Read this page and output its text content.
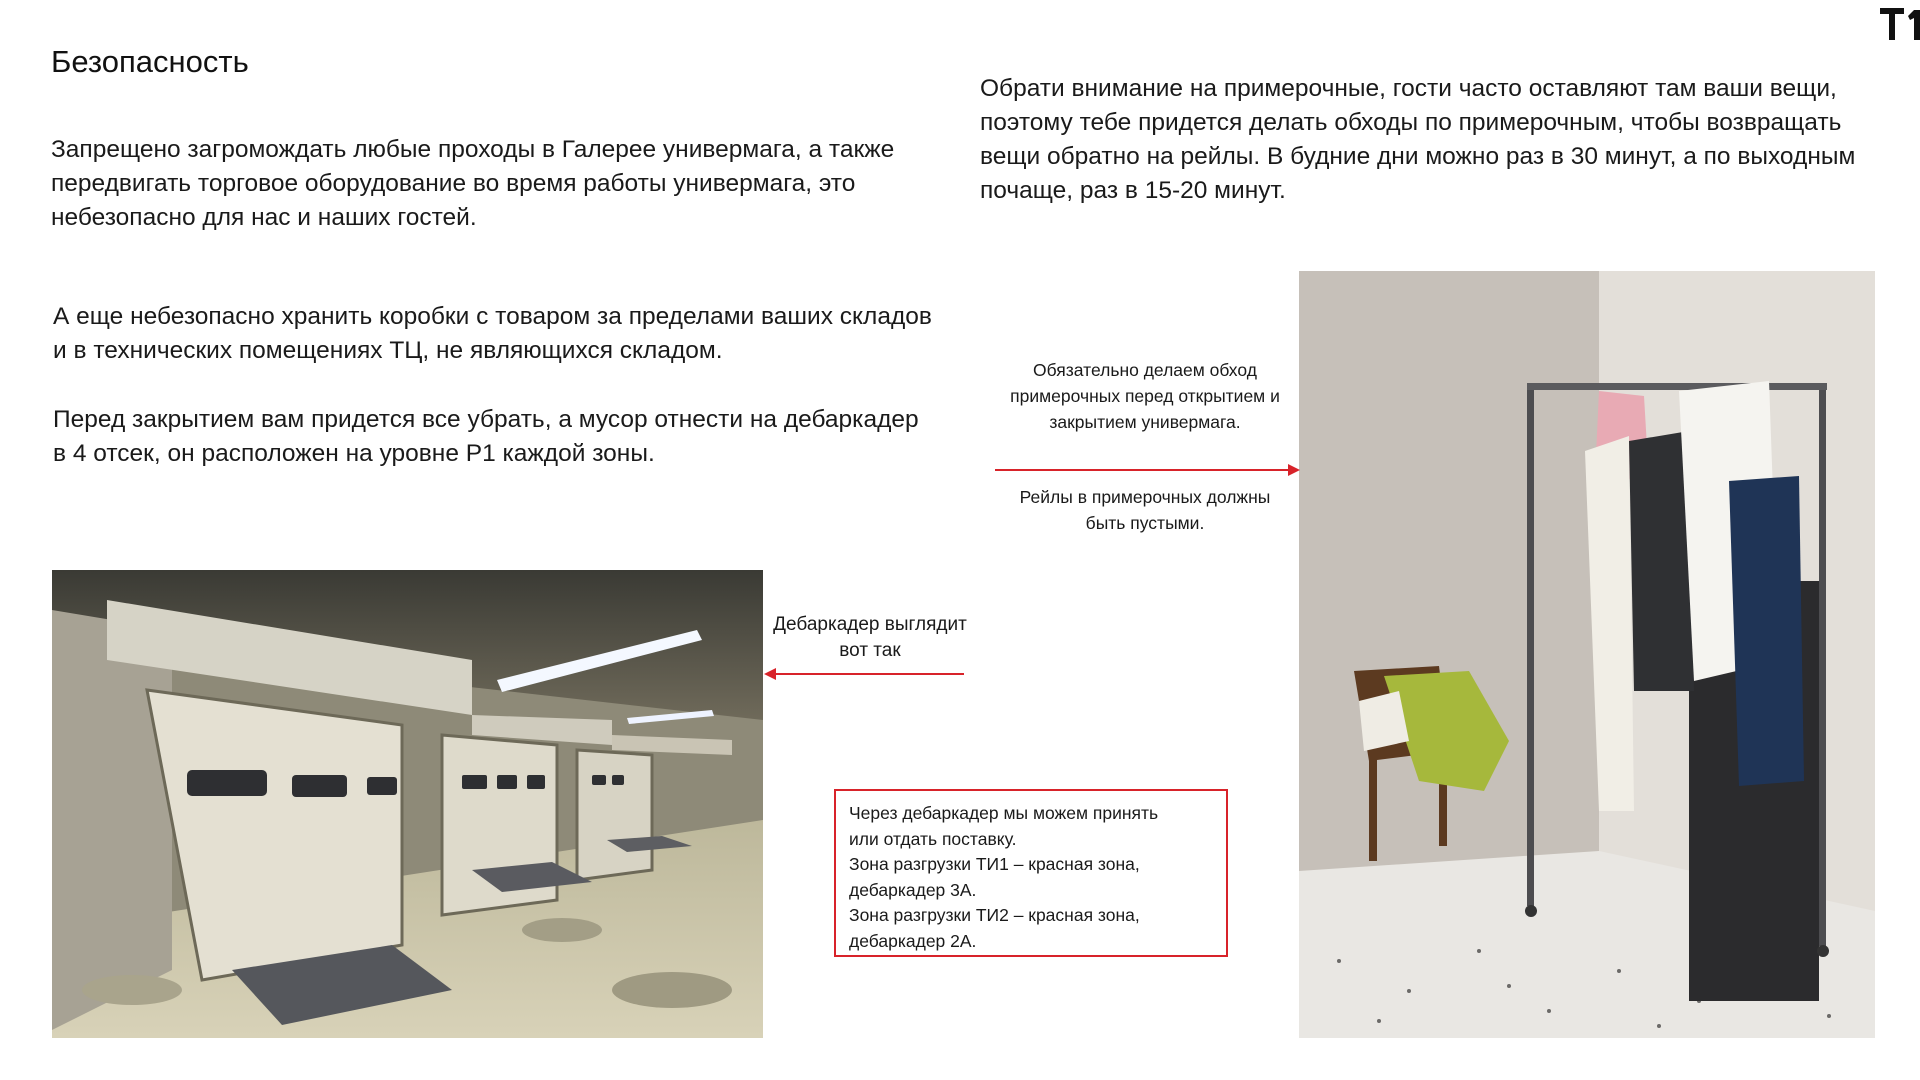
Безопасность
Запрещено загромождать любые проходы в Галерее универмага, а также передвигать торговое оборудование во время работы универмага, это небезопасно для нас и наших гостей.
А еще небезопасно хранить коробки с товаром за пределами ваших складов и в технических помещениях ТЦ, не являющихся складом.
Перед закрытием вам придется все убрать, а мусор отнести на дебаркадер в 4 отсек, он расположен на уровне Р1 каждой зоны.
Обрати внимание на примерочные, гости часто оставляют там ваши вещи, поэтому тебе придется делать обходы по примерочным, чтобы возвращать вещи обратно на рейлы. В будние дни можно раз в 30 минут, а по выходным почаще, раз в 15-20 минут.
Дебаркадер выглядит вот так
Обязательно делаем обход примерочных перед открытием и закрытием универмага.
Рейлы в примерочных должны быть пустыми.
Через дебаркадер мы можем принять
или отдать поставку.
Зона разгрузки ТИ1 – красная зона,
дебаркадер 3А.
Зона разгрузки ТИ2 – красная зона,
дебаркадер 2А.
